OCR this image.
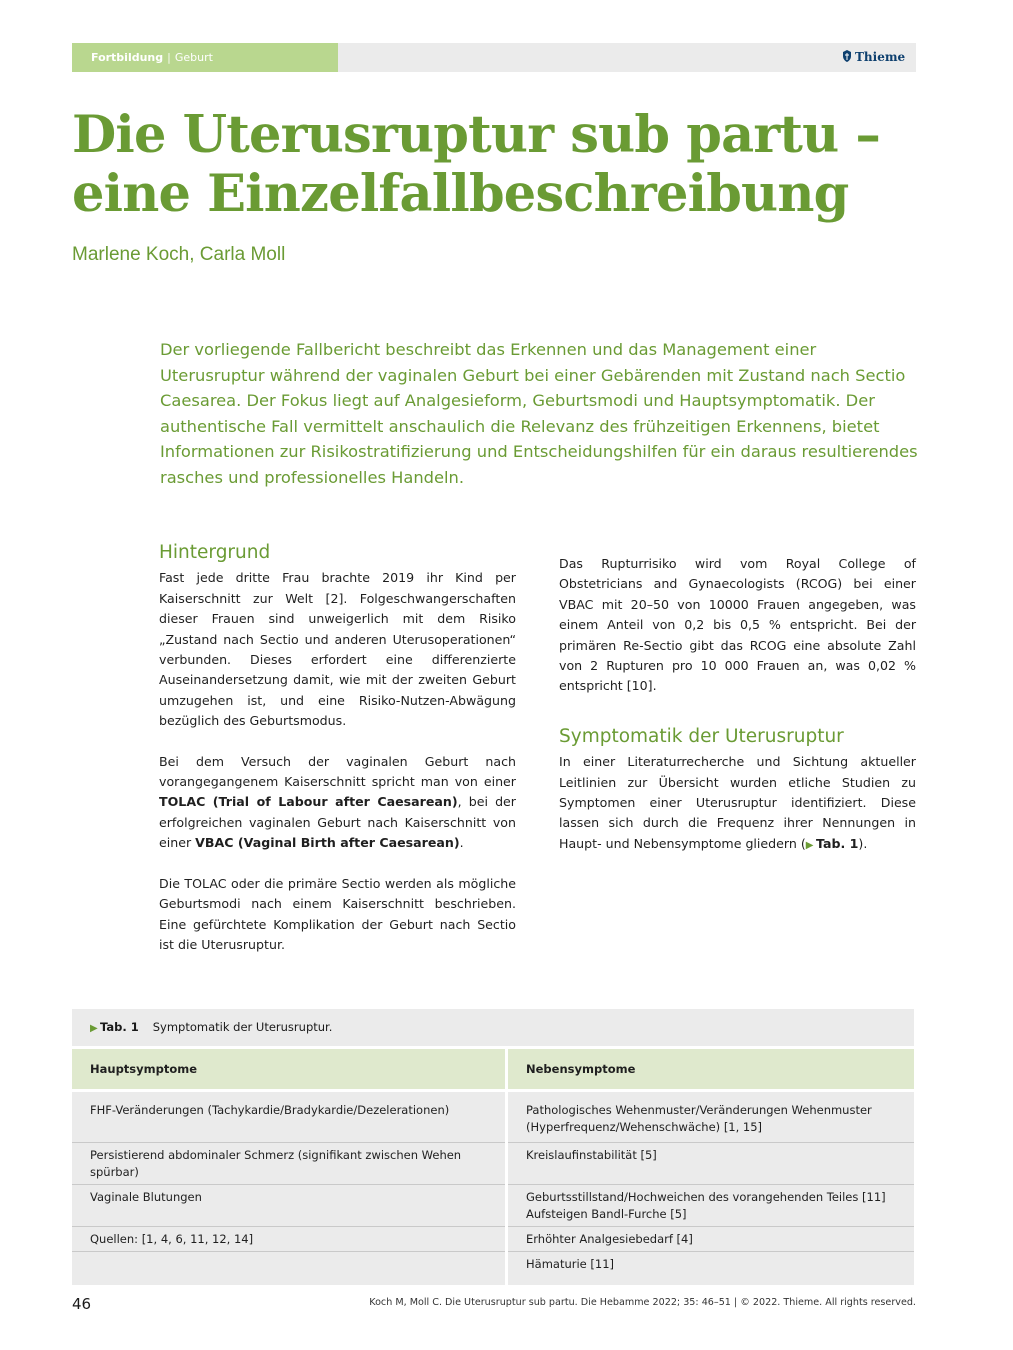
Fortbildung | Geburt	Thieme
Die Uterusruptur sub partu –
eine Einzelfallbeschreibung
Marlene Koch, Carla Moll
Der vorliegende Fallbericht beschreibt das Erkennen und das Management einer Uterusruptur während der vaginalen Geburt bei einer Gebärenden mit Zustand nach Sectio Caesarea. Der Fokus liegt auf Analgesieform, Geburtsmodi und Hauptsymptomatik. Der authentische Fall vermittelt anschaulich die Relevanz des frühzeitigen Erkennens, bietet Informationen zur Risikostratifizierung und Entscheidungshilfen für ein daraus resultierendes rasches und professionelles Handeln.
Hintergrund

Fast jede dritte Frau brachte 2019 ihr Kind per Kaiserschnitt zur Welt [2]. Folgeschwangerschaften dieser Frauen sind unweigerlich mit dem Risiko „Zustand nach Sectio und anderen Uterusoperationen“ verbunden. Dieses erfordert eine differenzierte Auseinandersetzung damit, wie mit der zweiten Geburt umzugehen ist, und eine Risiko-Nutzen-Abwägung bezüglich des Geburtsmodus.

Bei dem Versuch der vaginalen Geburt nach vorangegangenem Kaiserschnitt spricht man von einer TOLAC (Trial of Labour after Caesarean), bei der erfolgreichen vaginalen Geburt nach Kaiserschnitt von einer VBAC (Vaginal Birth after Caesarean).

Die TOLAC oder die primäre Sectio werden als mögliche Geburtsmodi nach einem Kaiserschnitt beschrieben. Eine gefürchtete Komplikation der Geburt nach Sectio ist die Uterusruptur.

Das Rupturrisiko wird vom Royal College of Obstetricians and Gynaecologists (RCOG) bei einer VBAC mit 20–50 von 10000 Frauen angegeben, was einem Anteil von 0,2 bis 0,5 % entspricht. Bei der primären Re-Sectio gibt das RCOG eine absolute Zahl von 2 Rupturen pro 10 000 Frauen an, was 0,02 % entspricht [10].

Symptomatik der Uterusruptur

In einer Literaturrecherche und Sichtung aktueller Leitlinien zur Übersicht wurden etliche Studien zu Symptomen einer Uterusruptur identifiziert. Diese lassen sich durch die Frequenz ihrer Nennungen in Haupt- und Nebensymptome gliedern (▶  Tab. 1).

▶  Tab. 1 Symptomatik der Uterusruptur.
Hauptsymptome	Nebensymptome
FHF-Veränderungen (Tachykardie/Bradykardie/Dezelerationen)	Pathologisches Wehenmuster/Veränderungen Wehenmuster (Hyperfrequenz/Wehenschwäche) [1, 15]
Persistierend abdominaler Schmerz (signifikant zwischen Wehen spürbar)	Kreislaufinstabilität [5]
Vaginale Blutungen	Geburtsstillstand/Hochweichen des vorangehenden Teiles [11]
Aufsteigen Bandl-Furche [5]
Quellen: [1, 4, 6, 11, 12, 14]	Erhöhter Analgesiebedarf [4]
	Hämaturie [11]
46	Koch M, Moll C. Die Uterusruptur sub partu. Die Hebamme 2022; 35: 46–51 | © 2022. Thieme. All rights reserved.
